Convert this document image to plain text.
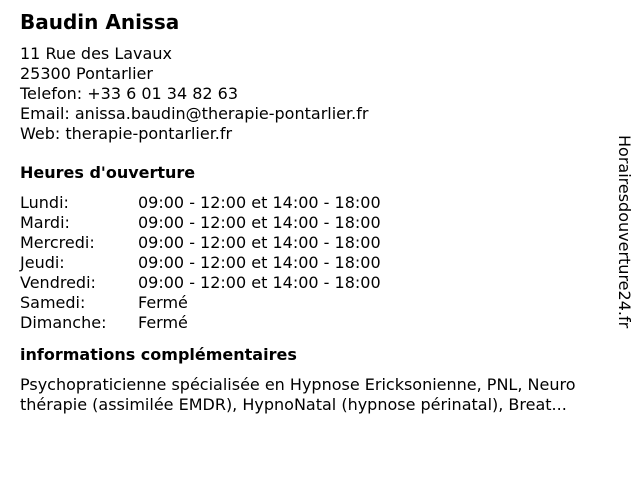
Baudin Anissa
11 Rue des Lavaux
25300 Pontarlier
Telefon: +33 6 01 34 82 63
Email: anissa.baudin@therapie-pontarlier.fr
Web: therapie-pontarlier.fr
Heures d'ouverture
Lundi:	09:00 - 12:00 et 14:00 - 18:00
Mardi:	09:00 - 12:00 et 14:00 - 18:00
Mercredi:	09:00 - 12:00 et 14:00 - 18:00
Jeudi:	09:00 - 12:00 et 14:00 - 18:00
Vendredi:	09:00 - 12:00 et 14:00 - 18:00
Samedi:	Fermé
Dimanche:	Fermé
informations complémentaires
Psychopraticienne spécialisée en Hypnose Ericksonienne, PNL, Neuro thérapie (assimilée EMDR), HypnoNatal (hypnose périnatal), Breat...
Horairesdouverture24.fr
